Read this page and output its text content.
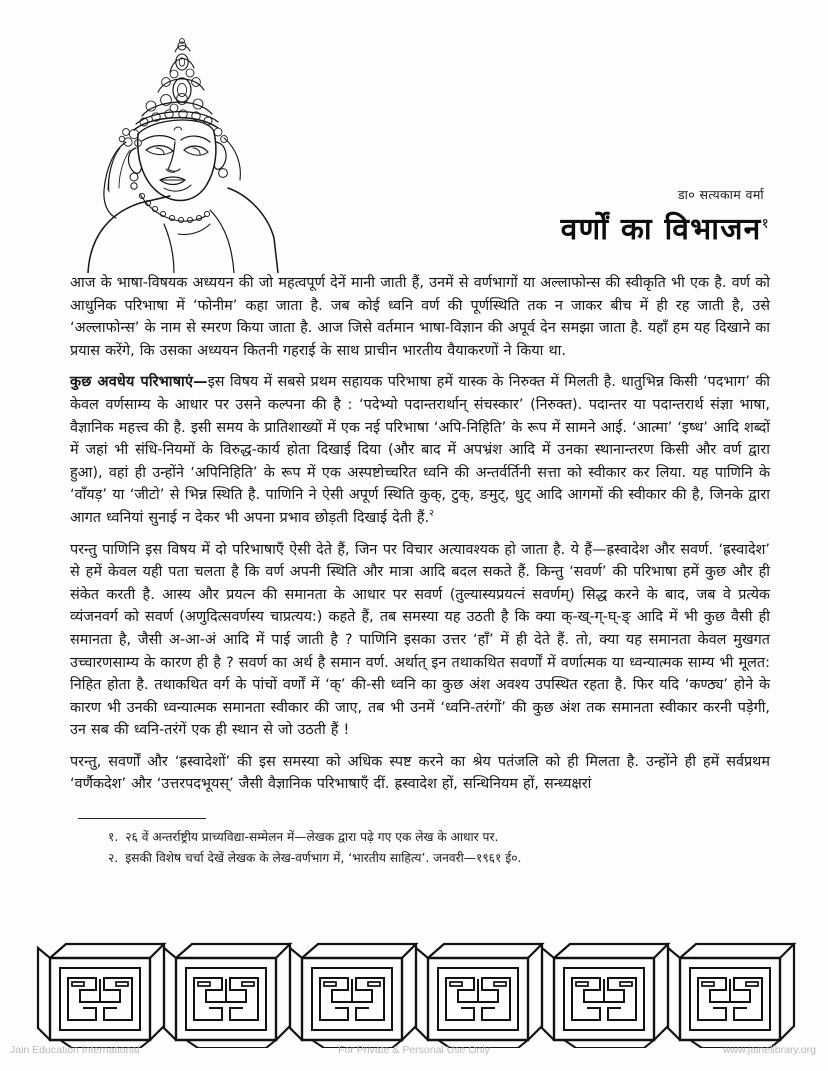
डा० सत्यकाम वर्मा
वर्णों का विभाजन$^१$

आज के भाषा-विषयक अध्ययन की जो महत्वपूर्ण देनें मानी जाती हैं, उनमें से वर्णभागों या अल्लाफोन्स की स्वीकृति भी एक है. वर्ण को आधुनिक परिभाषा में ‘फोनीम’ कहा जाता है. जब कोई ध्वनि वर्ण की पूर्णस्थिति तक न जाकर बीच में ही रह जाती है, उसे ‘अल्लाफोन्स’ के नाम से स्मरण किया जाता है. आज जिसे वर्तमान भाषा-विज्ञान की अपूर्व देन समझा जाता है. यहाँ हम यह दिखाने का प्रयास करेंगे, कि उसका अध्ययन कितनी गहराई के साथ प्राचीन भारतीय वैयाकरणों ने किया था.

कुछ अवधेय परिभाषाएं—इस विषय में सबसे प्रथम सहायक परिभाषा हमें यास्क के निरुक्त में मिलती है. धातुभिन्न किसी ‘पदभाग’ की केवल वर्णसाम्य के आधार पर उसने कल्पना की है : ‘पदेभ्यो पदान्तरार्थान् संचस्कार’ (निरुक्त). पदान्तर या पदान्तरार्थ संज्ञा भाषा, वैज्ञानिक महत्त्व की है. इसी समय के प्रातिशाख्यों में एक नई परिभाषा ‘अपि-निहिति’ के रूप में सामने आई. ‘आत्मा’ ‘इष्ध’ आदि शब्दों में जहां भी संधि-नियमों के विरुद्ध-कार्य होता दिखाई दिया (और बाद में अपभ्रंश आदि में उनका स्थानान्तरण किसी और वर्ण द्वारा हुआ), वहां ही उन्होंने ‘अपिनिहिति’ के रूप में एक अस्पष्टोच्चरित ध्वनि की अन्तर्वर्तिनी सत्ता को स्वीकार कर लिया. यह पाणिनि के ‘वाँयड़’ या ‘जीटो’ से भिन्न स्थिति है. पाणिनि ने ऐसी अपूर्ण स्थिति कुक्, टुक्, ङमुट्, धुट् आदि आगमों की स्वीकार की है, जिनके द्वारा आगत ध्वनियां सुनाई न देकर भी अपना प्रभाव छोड़ती दिखाई देती हैं.$^२$

परन्तु पाणिनि इस विषय में दो परिभाषाएँ ऐसी देते हैं, जिन पर विचार अत्यावश्यक हो जाता है. ये हैं—ह्रस्वादेश और सवर्ण. ‘ह्रस्वादेश’ से हमें केवल यही पता चलता है कि वर्ण अपनी स्थिति और मात्रा आदि बदल सकते हैं. किन्तु ‘सवर्ण’ की परिभाषा हमें कुछ और ही संकेत करती है. आस्य और प्रयत्न की समानता के आधार पर सवर्ण (तुल्यास्यप्रयत्नं सवर्णम्) सिद्ध करने के बाद, जब वे प्रत्येक व्यंजनवर्ग को सवर्ण (अणुदित्सवर्णस्य चाप्रत्यय:) कहते हैं, तब समस्या यह उठती है कि क्या क्-ख्-ग्-घ्-ङ् आदि में भी कुछ वैसी ही समानता है, जैसी अ-आ-अं आदि में पाई जाती है ? पाणिनि इसका उत्तर ‘हाँ’ में ही देते हैं. तो, क्या यह समानता केवल मुखगत उच्चारणसाम्य के कारण ही है ? सवर्ण का अर्थ है समान वर्ण. अर्थात् इन तथाकथित सवर्णों में वर्णात्मक या ध्वन्यात्मक साम्य भी मूलत: निहित होता है. तथाकथित वर्ग के पांचों वर्णों में ‘क्’ की-सी ध्वनि का कुछ अंश अवश्य उपस्थित रहता है. फिर यदि ‘कण्ठ्य’ होने के कारण भी उनकी ध्वन्यात्मक समानता स्वीकार की जाए, तब भी उनमें ‘ध्वनि-तरंगों’ की कुछ अंश तक समानता स्वीकार करनी पड़ेगी, उन सब की ध्वनि-तरंगें एक ही स्थान से जो उठती हैं !

परन्तु, सवर्णों और ‘ह्रस्वादेशों’ की इस समस्या को अधिक स्पष्ट करने का श्रेय पतंजलि को ही मिलता है. उन्होंने ही हमें सर्वप्रथम ‘वर्णैकदेश’ और ‘उत्तरपदभूयस्’ जैसी वैज्ञानिक परिभाषाएँ दीं. ह्रस्वादेश हों, सन्धिनियम हों, सन्ध्यक्षरां

१. २६ वें अन्तर्राष्ट्रीय प्राच्यविद्या-सम्मेलन में—लेखक द्वारा पढ़े गए एक लेख के आधार पर.
२. इसकी विशेष चर्चा देखें लेखक के लेख-वर्णभाग में, ‘भारतीय साहित्य’. जनवरी—१९६१ ई०.
Jain Education International	For Private & Personal Use Only	www.jainelibrary.org
